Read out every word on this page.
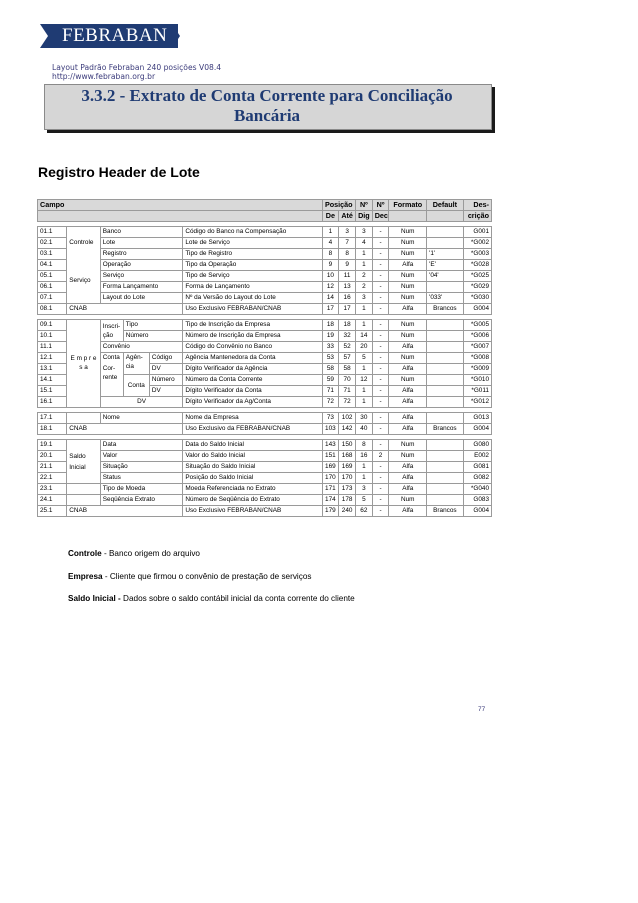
FEBRABAN
Layout Padrão Febraban 240 posições V08.4
http://www.febraban.org.br
3.3.2 - Extrato de Conta Corrente para Conciliação
Bancária
Registro Header de Lote
Campo						Posição		Nº	Nº	Formato	Default	Des-
						De	Até	Dig	Dec			crição

01.1	Controle	Banco			Código do Banco na Compensação	1	3	3	-	Num		G001
02.1		Lote			Lote de Serviço	4	7	4	-	Num		*G002
03.1		Registro			Tipo de Registro	8	8	1	-	Num	'1'	*G003
04.1	Serviço	Operação			Tipo da Operação	9	9	1	-	Alfa	'E'	*G028
05.1		Serviço			Tipo de Serviço	10	11	2	-	Num	'04'	*G025
06.1		Forma Lançamento			Forma de Lançamento	12	13	2	-	Num		*G029
07.1		Layout do Lote			Nº da Versão do Layout do Lote	14	16	3	-	Num	'033'	*G030
08.1	CNAB				Uso Exclusivo FEBRABAN/CNAB	17	17	1	-	Alfa	Brancos	G004

09.1	E m p r e s a	Inscri-ção	Tipo		Tipo de Inscrição da Empresa	18	18	1	-	Num		*G005
10.1			Número		Número de Inscrição da Empresa	19	32	14	-	Num		*G006
11.1		Convênio			Código do Convênio no Banco	33	52	20	-	Alfa		*G007
12.1		Conta	Agên-cia	Código	Agência Mantenedora da Conta	53	57	5	-	Num		*G008
13.1		Cor-rente		DV	Dígito Verificador da Agência	58	58	1	-	Alfa		*G009
14.1			Conta	Número	Número da Conta Corrente	59	70	12	-	Num		*G010
15.1				DV	Dígito Verificador da Conta	71	71	1	-	Alfa		*G011
16.1		DV			Dígito Verificador da Ag/Conta	72	72	1	-	Alfa		*G012

17.1		Nome			Nome da Empresa	73	102	30	-	Alfa		G013
18.1	CNAB				Uso Exclusivo da FEBRABAN/CNAB	103	142	40	-	Alfa	Brancos	G004

19.1	Saldo Inicial	Data			Data do Saldo Inicial	143	150	8	-	Num		G080
20.1		Valor			Valor do Saldo Inicial	151	168	16	2	Num		E002
21.1		Situação			Situação do Saldo Inicial	169	169	1	-	Alfa		G081
22.1		Status			Posição do Saldo Inicial	170	170	1	-	Alfa		G082
23.1		Tipo de Moeda			Moeda Referenciada no Extrato	171	173	3	-	Alfa		*G040
24.1		Seqüência Extrato			Número de Seqüência do Extrato	174	178	5	-	Num		G083
25.1	CNAB				Uso Exclusivo FEBRABAN/CNAB	179	240	62	-	Alfa	Brancos	G004
Controle - Banco origem do arquivo
Empresa - Cliente que firmou o convênio de prestação de serviços
Saldo Inicial - Dados sobre o saldo contábil inicial da conta corrente do cliente
77
